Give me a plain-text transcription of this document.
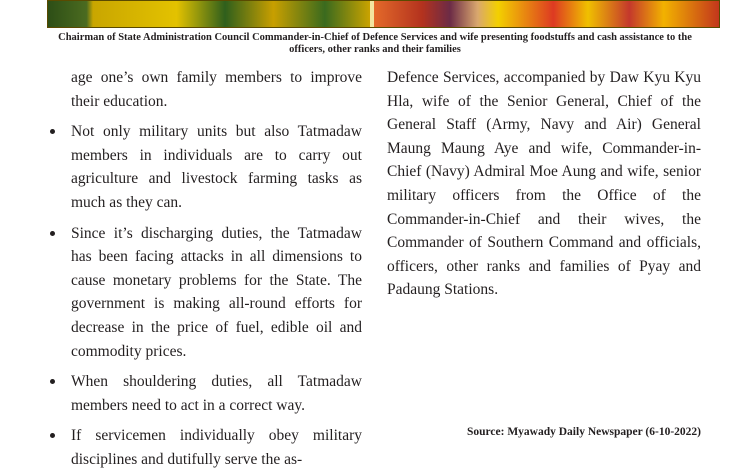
Chairman of State Administration Council Commander-in-Chief of Defence Services and wife presenting foodstuffs and cash assistance to the officers, other ranks and their families

age one’s own family members to improve their education.

Not only military units but also Tatmadaw members in individuals are to carry out agriculture and livestock farming tasks as much as they can.
Since it’s discharging duties, the Tatmadaw has been facing attacks in all dimensions to cause monetary problems for the State. The government is making all-round efforts for decrease in the price of fuel, edible oil and commodity prices.
When shouldering duties, all Tatmadaw members need to act in a correct way.
If servicemen individually obey military disciplines and dutifully serve the as-

Defence Services, accompanied by Daw Kyu Kyu Hla, wife of the Senior General, Chief of the General Staff (Army, Navy and Air) General Maung Maung Aye and wife, Commander-in-Chief (Navy) Admiral Moe Aung and wife, senior military officers from the Office of the Commander-in-Chief and their wives, the Commander of Southern Command and officials, officers, other ranks and families of Pyay and Padaung Stations.

Source: Myawady Daily Newspaper (6-10-2022)
